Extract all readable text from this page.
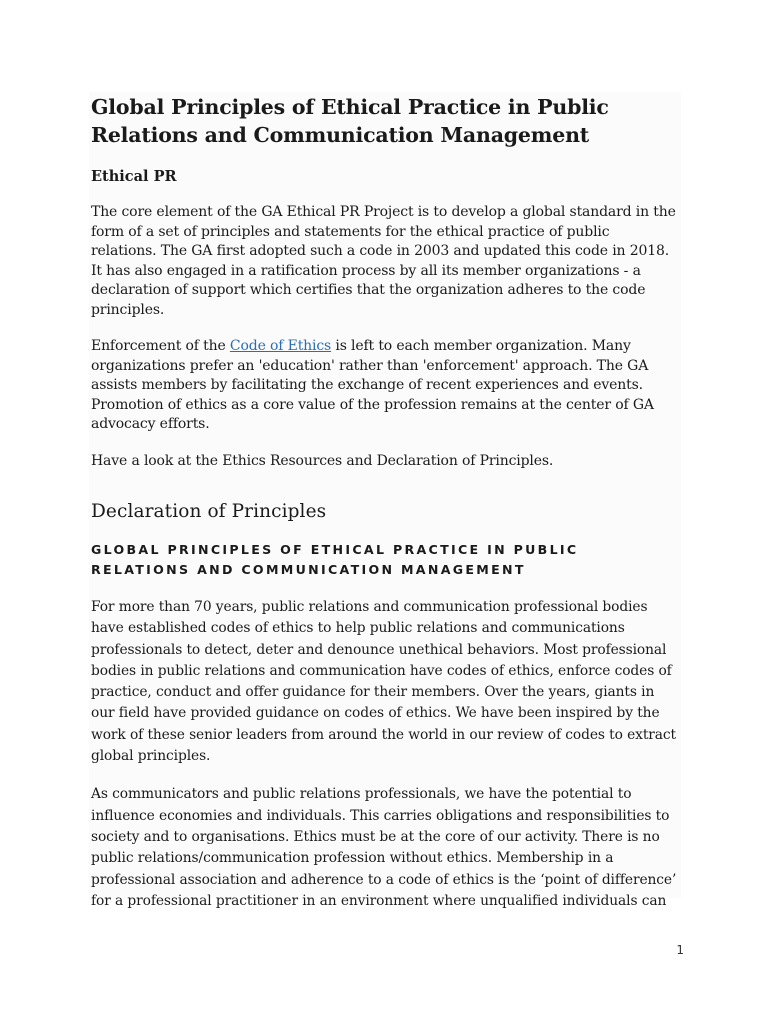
Global Principles of Ethical Practice in Public Relations and Communication Management
Ethical PR

The core element of the GA Ethical PR Project is to develop a global standard in the form of a set of principles and statements for the ethical practice of public relations. The GA first adopted such a code in 2003 and updated this code in 2018. It has also engaged in a ratification process by all its member organizations - a declaration of support which certifies that the organization adheres to the code principles.

Enforcement of the Code of Ethics is left to each member organization. Many organizations prefer an 'education' rather than 'enforcement' approach. The GA assists members by facilitating the exchange of recent experiences and events. Promotion of ethics as a core value of the profession remains at the center of GA advocacy efforts.

Have a look at the Ethics Resources and Declaration of Principles.

Declaration of Principles
GLOBAL PRINCIPLES OF ETHICAL PRACTICE IN PUBLIC RELATIONS AND COMMUNICATION MANAGEMENT

For more than 70 years, public relations and communication professional bodies have established codes of ethics to help public relations and communications professionals to detect, deter and denounce unethical behaviors. Most professional bodies in public relations and communication have codes of ethics, enforce codes of practice, conduct and offer guidance for their members. Over the years, giants in our field have provided guidance on codes of ethics. We have been inspired by the work of these senior leaders from around the world in our review of codes to extract global principles.

As communicators and public relations professionals, we have the potential to influence economies and individuals. This carries obligations and responsibilities to society and to organisations. Ethics must be at the core of our activity. There is no public relations/communication profession without ethics. Membership in a professional association and adherence to a code of ethics is the ‘point of difference’ for a professional practitioner in an environment where unqualified individuals can

1
